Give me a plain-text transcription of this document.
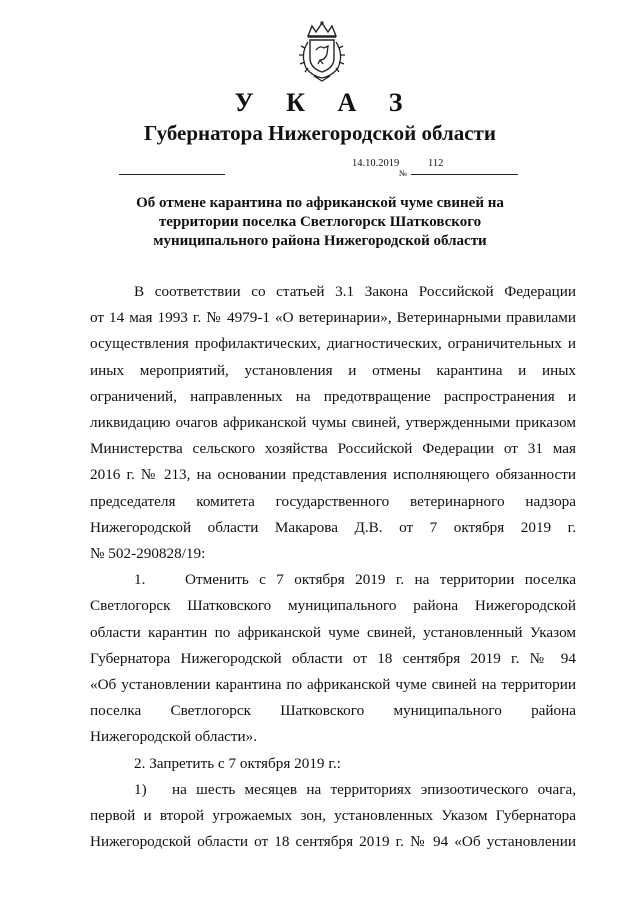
У К А З
Губернатора Нижегородской области
14.10.2019
№
112
Об отмене карантина по африканской чуме свиней на
территории поселка Светлогорск Шатковского
муниципального района Нижегородской области

В соответствии со статьей 3.1 Закона Российской Федерации

от 14 мая 1993 г. № 4979-1 «О ветеринарии», Ветеринарными правилами

осуществления профилактических, диагностических, ограничительных и

иных мероприятий, установления и отмены карантина и иных

ограничений, направленных на предотвращение распространения и

ликвидацию очагов африканской чумы свиней, утвержденными приказом

Министерства сельского хозяйства Российской Федерации от 31 мая

2016 г. № 213, на основании представления исполняющего обязанности

председателя комитета государственного ветеринарного надзора

Нижегородской области Макарова Д.В. от 7 октября 2019 г.

№ 502-290828/19:

1.	Отменить с 7 октября 2019 г. на территории поселка

Светлогорск Шатковского муниципального района Нижегородской

области карантин по африканской чуме свиней, установленный Указом

Губернатора Нижегородской области от 18 сентября 2019 г. № 94

«Об установлении карантина по африканской чуме свиней на территории

поселка Светлогорск Шатковского муниципального района

Нижегородской области».

2. Запретить с 7 октября 2019 г.:

1) на шесть месяцев на территориях эпизоотического очага,

первой и второй угрожаемых зон, установленных Указом Губернатора

Нижегородской области от 18 сентября 2019 г. № 94 «Об установлении
